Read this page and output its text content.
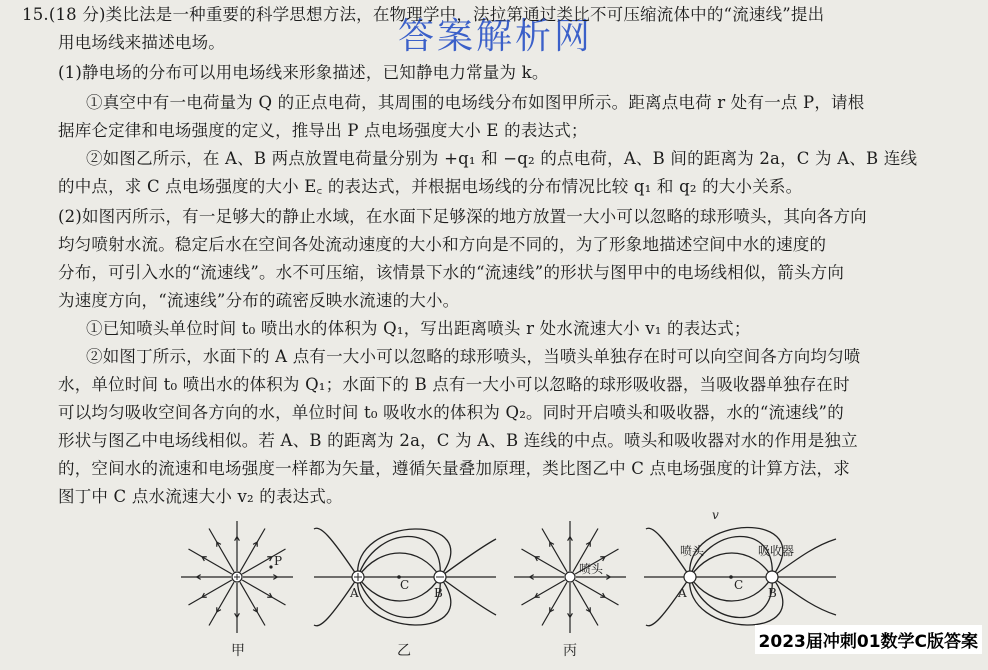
答案解析网
15.(18 分)类比法是一种重要的科学思想方法，在物理学中，法拉第通过类比不可压缩流体中的“流速线”提出
用电场线来描述电场。
(1)静电场的分布可以用电场线来形象描述，已知静电力常量为 k。
①真空中有一电荷量为 Q 的正点电荷，其周围的电场线分布如图甲所示。距离点电荷 r 处有一点 P，请根
据库仑定律和电场强度的定义，推导出 P 点电场强度大小 E 的表达式；
②如图乙所示，在 A、B 两点放置电荷量分别为 +q₁ 和 −q₂ 的点电荷，A、B 间的距离为 2a，C 为 A、B 连线
的中点，求 C 点电场强度的大小 E꜀ 的表达式，并根据电场线的分布情况比较 q₁ 和 q₂ 的大小关系。
(2)如图丙所示，有一足够大的静止水域，在水面下足够深的地方放置一大小可以忽略的球形喷头，其向各方向
均匀喷射水流。稳定后水在空间各处流动速度的大小和方向是不同的，为了形象地描述空间中水的速度的
分布，可引入水的“流速线”。水不可压缩，该情景下水的“流速线”的形状与图甲中的电场线相似，箭头方向
为速度方向，“流速线”分布的疏密反映水流速的大小。
①已知喷头单位时间 t₀ 喷出水的体积为 Q₁，写出距离喷头 r 处水流速大小 v₁ 的表达式；
②如图丁所示，水面下的 A 点有一大小可以忽略的球形喷头，当喷头单独存在时可以向空间各方向均匀喷
水，单位时间 t₀ 喷出水的体积为 Q₁；水面下的 B 点有一大小可以忽略的球形吸收器，当吸收器单独存在时
可以均匀吸收空间各方向的水，单位时间 t₀ 吸收水的体积为 Q₂。同时开启喷头和吸收器，水的“流速线”的
形状与图乙中电场线相似。若 A、B 的距离为 2a，C 为 A、B 连线的中点。喷头和吸收器对水的作用是独立
的，空间水的流速和电场强度一样都为矢量，遵循矢量叠加原理，类比图乙中 C 点电场强度的计算方法，求
图丁中 C 点水流速大小 v₂ 的表达式。
P
甲
C
A	B
乙
喷头
丙
C
A	B
喷头	吸收器
v
2023届冲刺01数学C版答案
